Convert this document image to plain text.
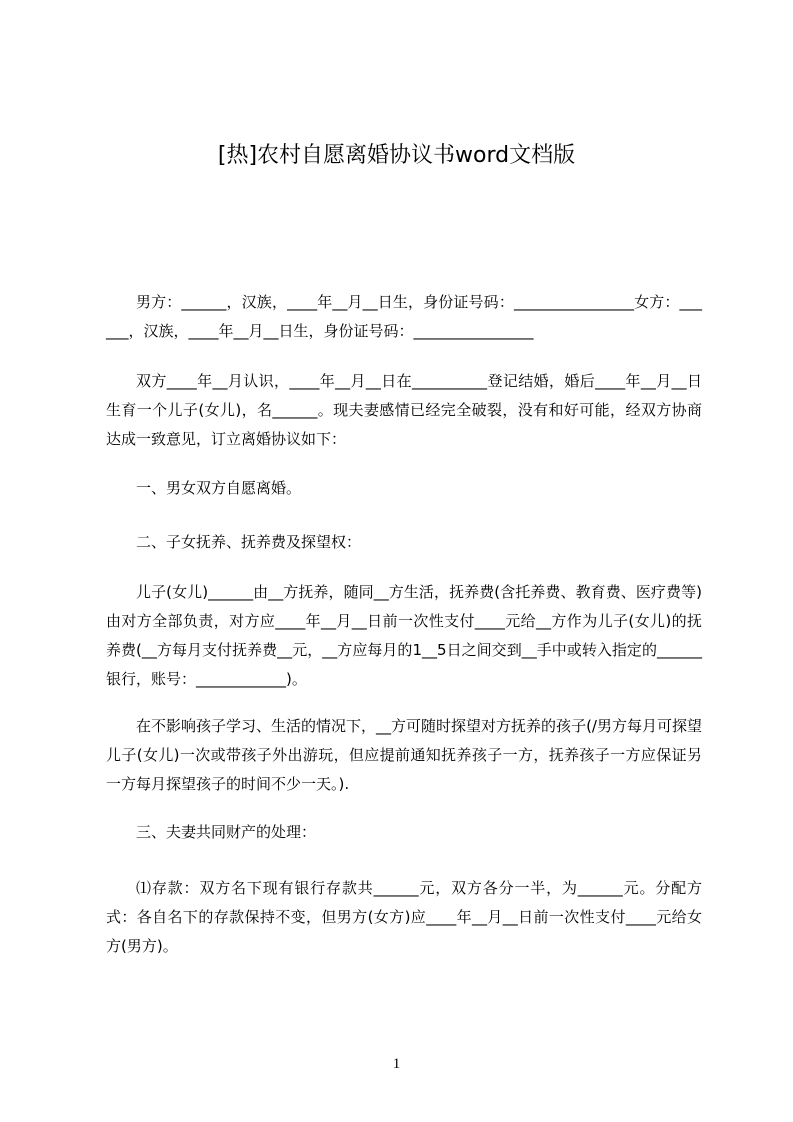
[热]农村自愿离婚协议书word文档版
男方：______，汉族，____年__月__日生，身份证号码：________________女方：______，汉族，____年__月__日生，身份证号码：________________
双方____年__月认识，____年__月__日在__________登记结婚，婚后____年__月__日生育一个儿子(女儿)，名______。现夫妻感情已经完全破裂，没有和好可能，经双方协商达成一致意见，订立离婚协议如下：
一、男女双方自愿离婚。
二、子女抚养、抚养费及探望权：
儿子(女儿)______由__方抚养，随同__方生活，抚养费(含托养费、教育费、医疗费等)由对方全部负责，对方应____年__月__日前一次性支付____元给__方作为儿子(女儿)的抚养费(__方每月支付抚养费__元，__方应每月的1__5日之间交到__手中或转入指定的______银行，账号：____________)。
在不影响孩子学习、生活的情况下，__方可随时探望对方抚养的孩子(/男方每月可探望儿子(女儿)一次或带孩子外出游玩，但应提前通知抚养孩子一方，抚养孩子一方应保证另一方每月探望孩子的时间不少一天。).
三、夫妻共同财产的处理：
⑴存款：双方名下现有银行存款共______元，双方各分一半，为______元。分配方式：各自名下的存款保持不变，但男方(女方)应____年__月__日前一次性支付____元给女方(男方)。
1
